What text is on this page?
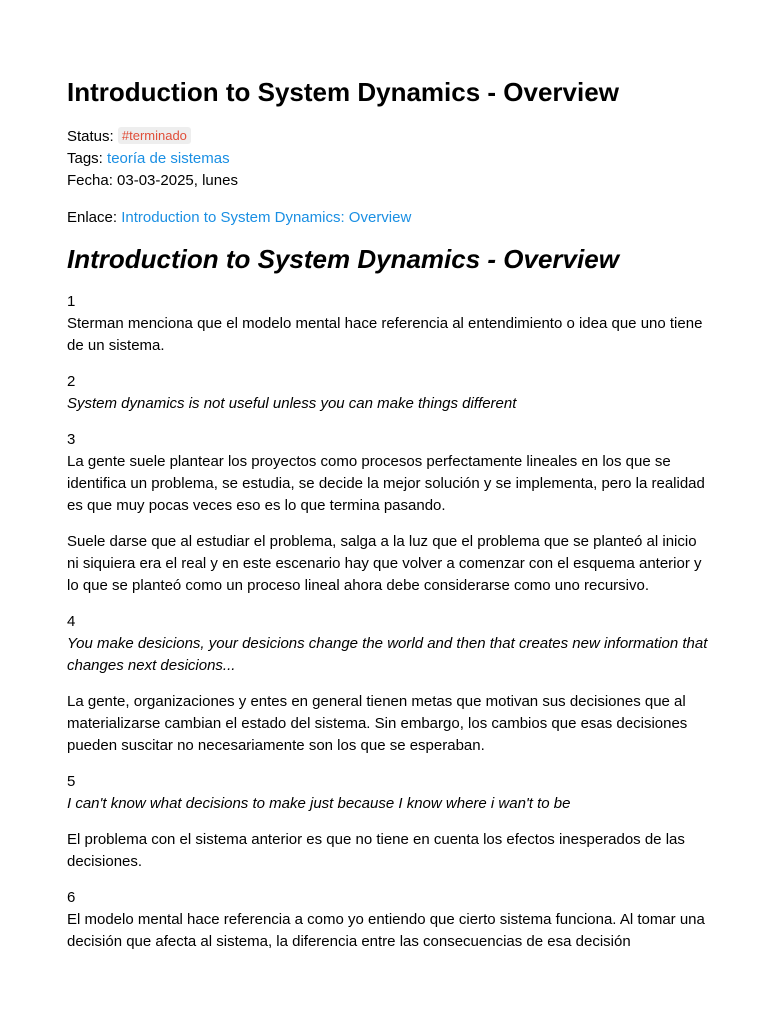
Introduction to System Dynamics - Overview
Status: #terminado
Tags: teoría de sistemas
Fecha: 03-03-2025, lunes
Enlace: Introduction to System Dynamics: Overview
Introduction to System Dynamics - Overview
1
Sterman menciona que el modelo mental hace referencia al entendimiento o idea que uno tiene de un sistema.
2
System dynamics is not useful unless you can make things different
3
La gente suele plantear los proyectos como procesos perfectamente lineales en los que se identifica un problema, se estudia, se decide la mejor solución y se implementa, pero la realidad es que muy pocas veces eso es lo que termina pasando.

Suele darse que al estudiar el problema, salga a la luz que el problema que se planteó al inicio ni siquiera era el real y en este escenario hay que volver a comenzar con el esquema anterior y lo que se planteó como un proceso lineal ahora debe considerarse como uno recursivo.

4
You make desicions, your desicions change the world and then that creates new information that changes next desicions...

La gente, organizaciones y entes en general tienen metas que motivan sus decisiones que al materializarse cambian el estado del sistema. Sin embargo, los cambios que esas decisiones pueden suscitar no necesariamente son los que se esperaban.

5
I can't know what decisions to make just because I know where i wan't to be

El problema con el sistema anterior es que no tiene en cuenta los efectos inesperados de las decisiones.

6
El modelo mental hace referencia a como yo entiendo que cierto sistema funciona. Al tomar una decisión que afecta al sistema, la diferencia entre las consecuencias de esa decisión
